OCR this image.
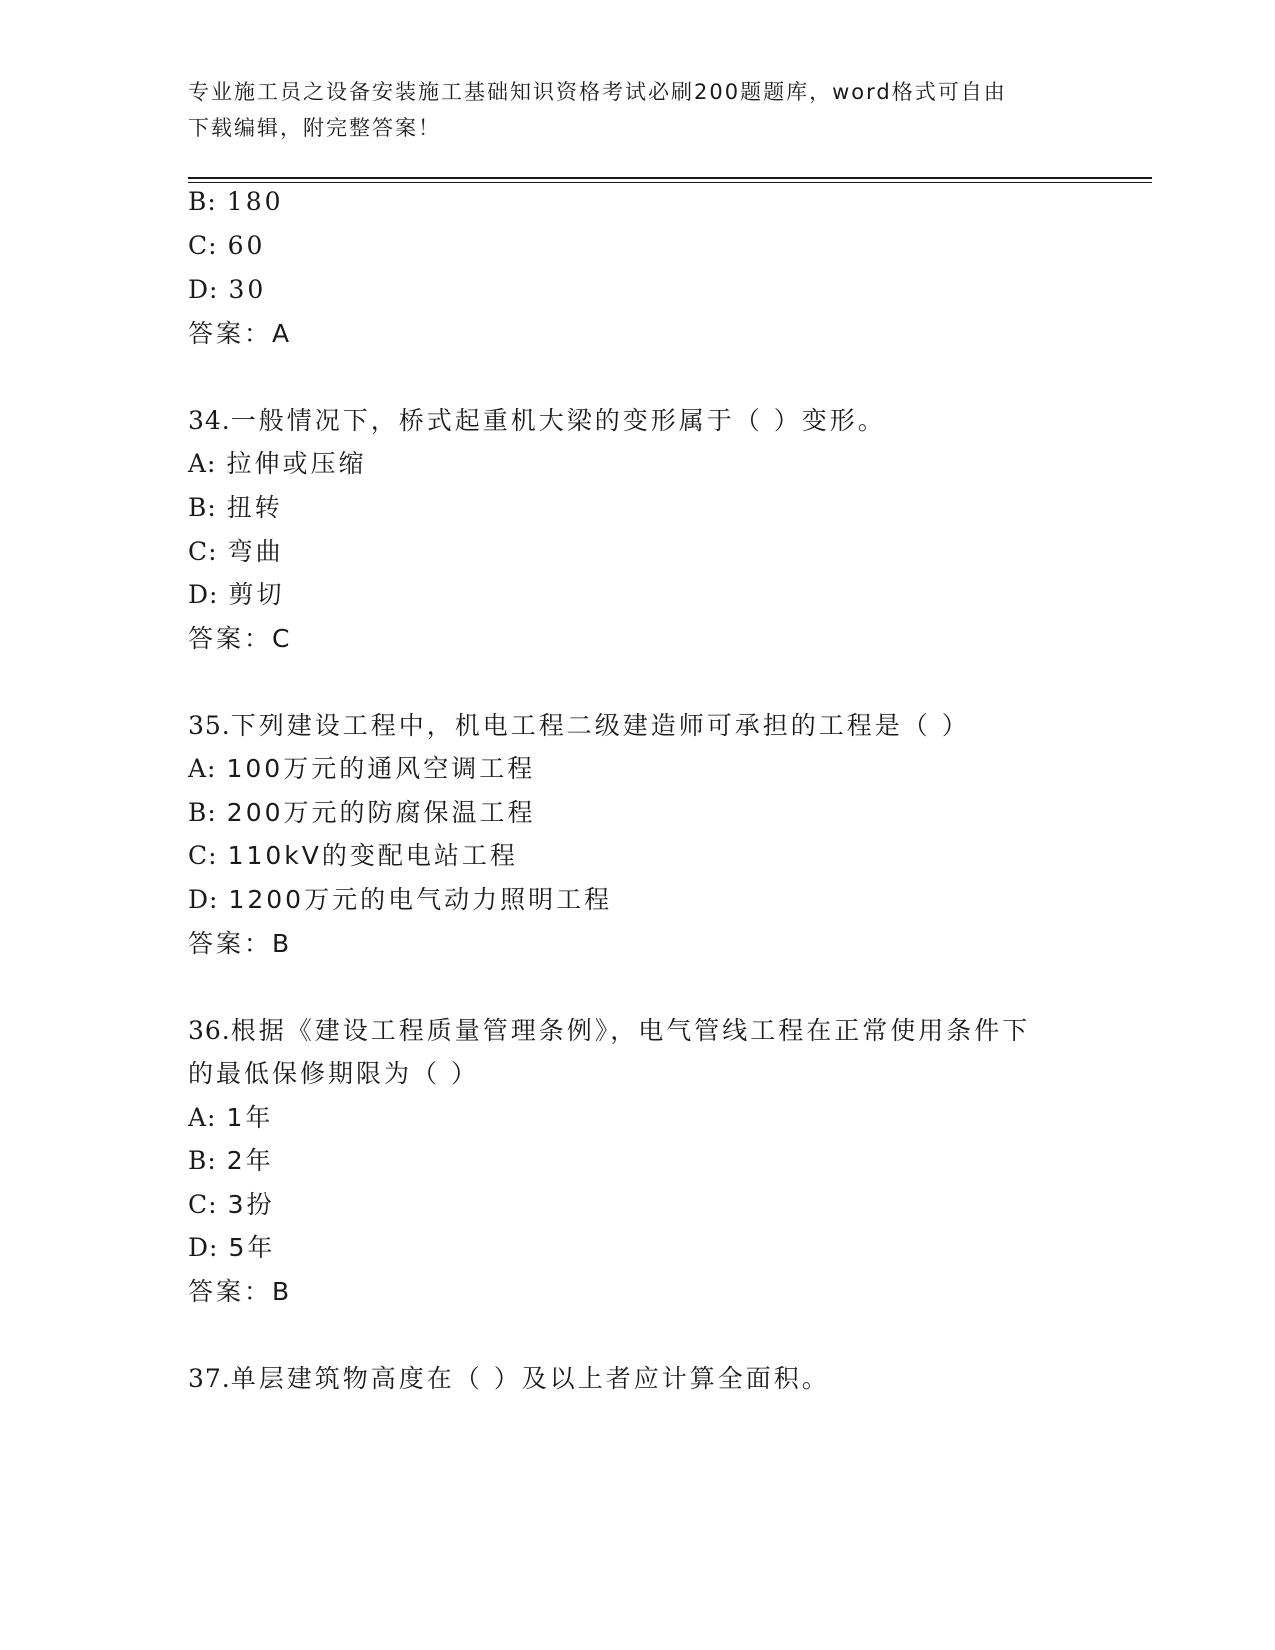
专业施工员之设备安装施工基础知识资格考试必刷200题题库，word格式可自由
下载编辑，附完整答案！
B: 180
C: 60
D: 30
答案：A
34.一般情况下，桥式起重机大梁的变形属于（ ）变形。
A: 拉伸或压缩
B: 扭转
C: 弯曲
D: 剪切
答案：C
35.下列建设工程中，机电工程二级建造师可承担的工程是（ ）
A: 100万元的通风空调工程
B: 200万元的防腐保温工程
C: 110kV的变配电站工程
D: 1200万元的电气动力照明工程
答案：B
36.根据《建设工程质量管理条例》，电气管线工程在正常使用条件下
的最低保修期限为（ ）
A: 1年
B: 2年
C: 3扮
D: 5年
答案：B
37.单层建筑物高度在（ ）及以上者应计算全面积。
